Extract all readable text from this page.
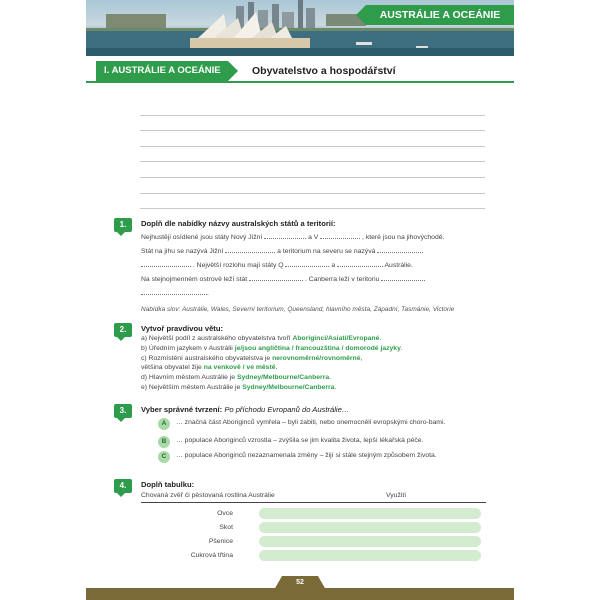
AUSTRÁLIE A OCEÁNIE
I. AUSTRÁLIE A OCEÁNIE	Obyvatelstvo a hospodářství
1.	Doplň dle nabídky názvy australských států a teritorií:
Nejhustěji osídlené jsou státy Nový Jižní	a V	, které jsou na jihovýchodě.
Stát na jihu se nazývá Jižní	a teritorium na severu se nazývá
. Největší rozlohu mají státy Q	a	Austrálie.
Na stejnojmenném ostrově leží stát	. Canberra leží v teritoriu
.
Nabídka slov: Austrálie, Wales, Severní teritorium, Queensland, hlavního města, Západní, Tasmánie, Victorie
2.	Vytvoř pravdivou větu:
a) Největší podíl z australského obyvatelstva tvoří Aboriginci/Asiati/Evropané.
b) Úředním jazykem v Austrálii je/jsou angličtina / francouzština / domorodé jazyky.
c) Rozmístění australského obyvatelstva je nerovnoměrné/rovnoměrné,
většina obyvatel žije na venkově / ve městě.
d) Hlavním městem Austrálie je Sydney/Melbourne/Canberra.
e) Největším městem Austrálie je Sydney/Melbourne/Canberra.
3.	Vyber správné tvrzení: Po příchodu Evropanů do Austrálie…
A	… značná část Aboriginců vymřela – byli zabiti, nebo onemocněli evropskými choro-bami.
B	… populace Aboriginců vzrostla – zvýšila se jim kvalita života, lepší lékařská péče.
C	… populace Aboriginců nezaznamenala změny – žijí si stále stejným způsobem života.
4.	Doplň tabulku:
Chovaná zvěř či pěstovaná rostlina Austrálie	Využití
Ovce
Skot
Pšenice
Cukrová třtina
52
